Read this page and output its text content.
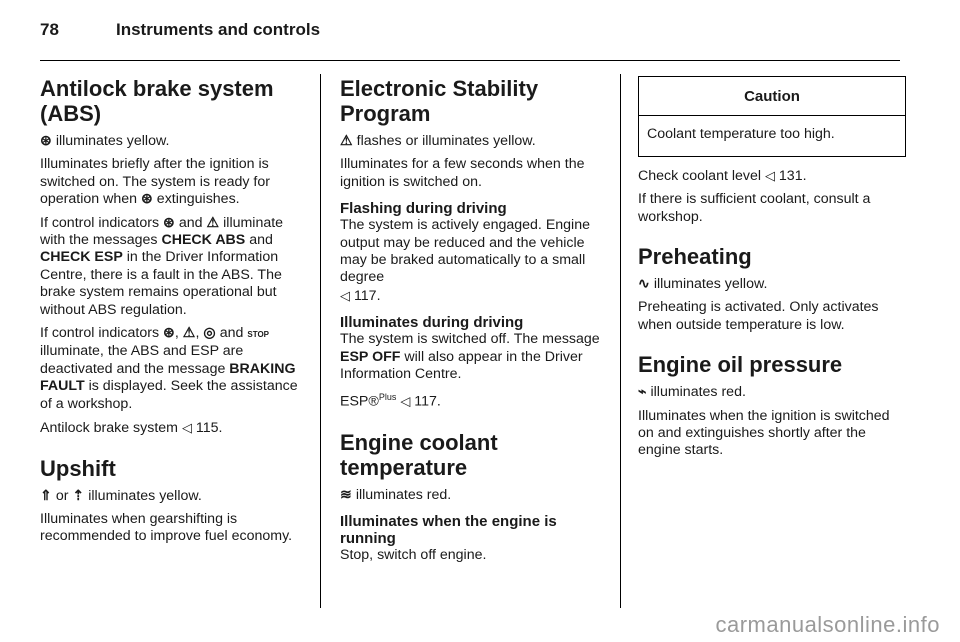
78	Instruments and controls
Antilock brake system (ABS)

⊛ illuminates yellow.

Illuminates briefly after the ignition is switched on. The system is ready for operation when ⊛ extinguishes.

If control indicators ⊛ and ⚠ illuminate with the messages CHECK ABS and CHECK ESP in the Driver Information Centre, there is a fault in the ABS. The brake system remains operational but without ABS regulation.

If control indicators ⊛, ⚠, ◎ and STOP illuminate, the ABS and ESP are deactivated and the message BRAKING FAULT is displayed. Seek the assistance of a workshop.

Antilock brake system ◁ 115.

Upshift

⇑ or ⇡ illuminates yellow.

Illuminates when gearshifting is recommended to improve fuel economy.

Electronic Stability Program

⚠ flashes or illuminates yellow.

Illuminates for a few seconds when the ignition is switched on.

Flashing during driving

The system is actively engaged. Engine output may be reduced and the vehicle may be braked automatically to a small degree
◁ 117.

Illuminates during driving

The system is switched off. The message ESP OFF will also appear in the Driver Information Centre.

ESP®$^{Plus}$ ◁ 117.

Engine coolant temperature

≋ illuminates red.

Illuminates when the engine is running

Stop, switch off engine.

Caution
Coolant temperature too high.

Check coolant level ◁ 131.

If there is sufficient coolant, consult a workshop.

Preheating

∿ illuminates yellow.

Preheating is activated. Only activates when outside temperature is low.

Engine oil pressure

⌁ illuminates red.

Illuminates when the ignition is switched on and extinguishes shortly after the engine starts.

carmanualsonline.info
